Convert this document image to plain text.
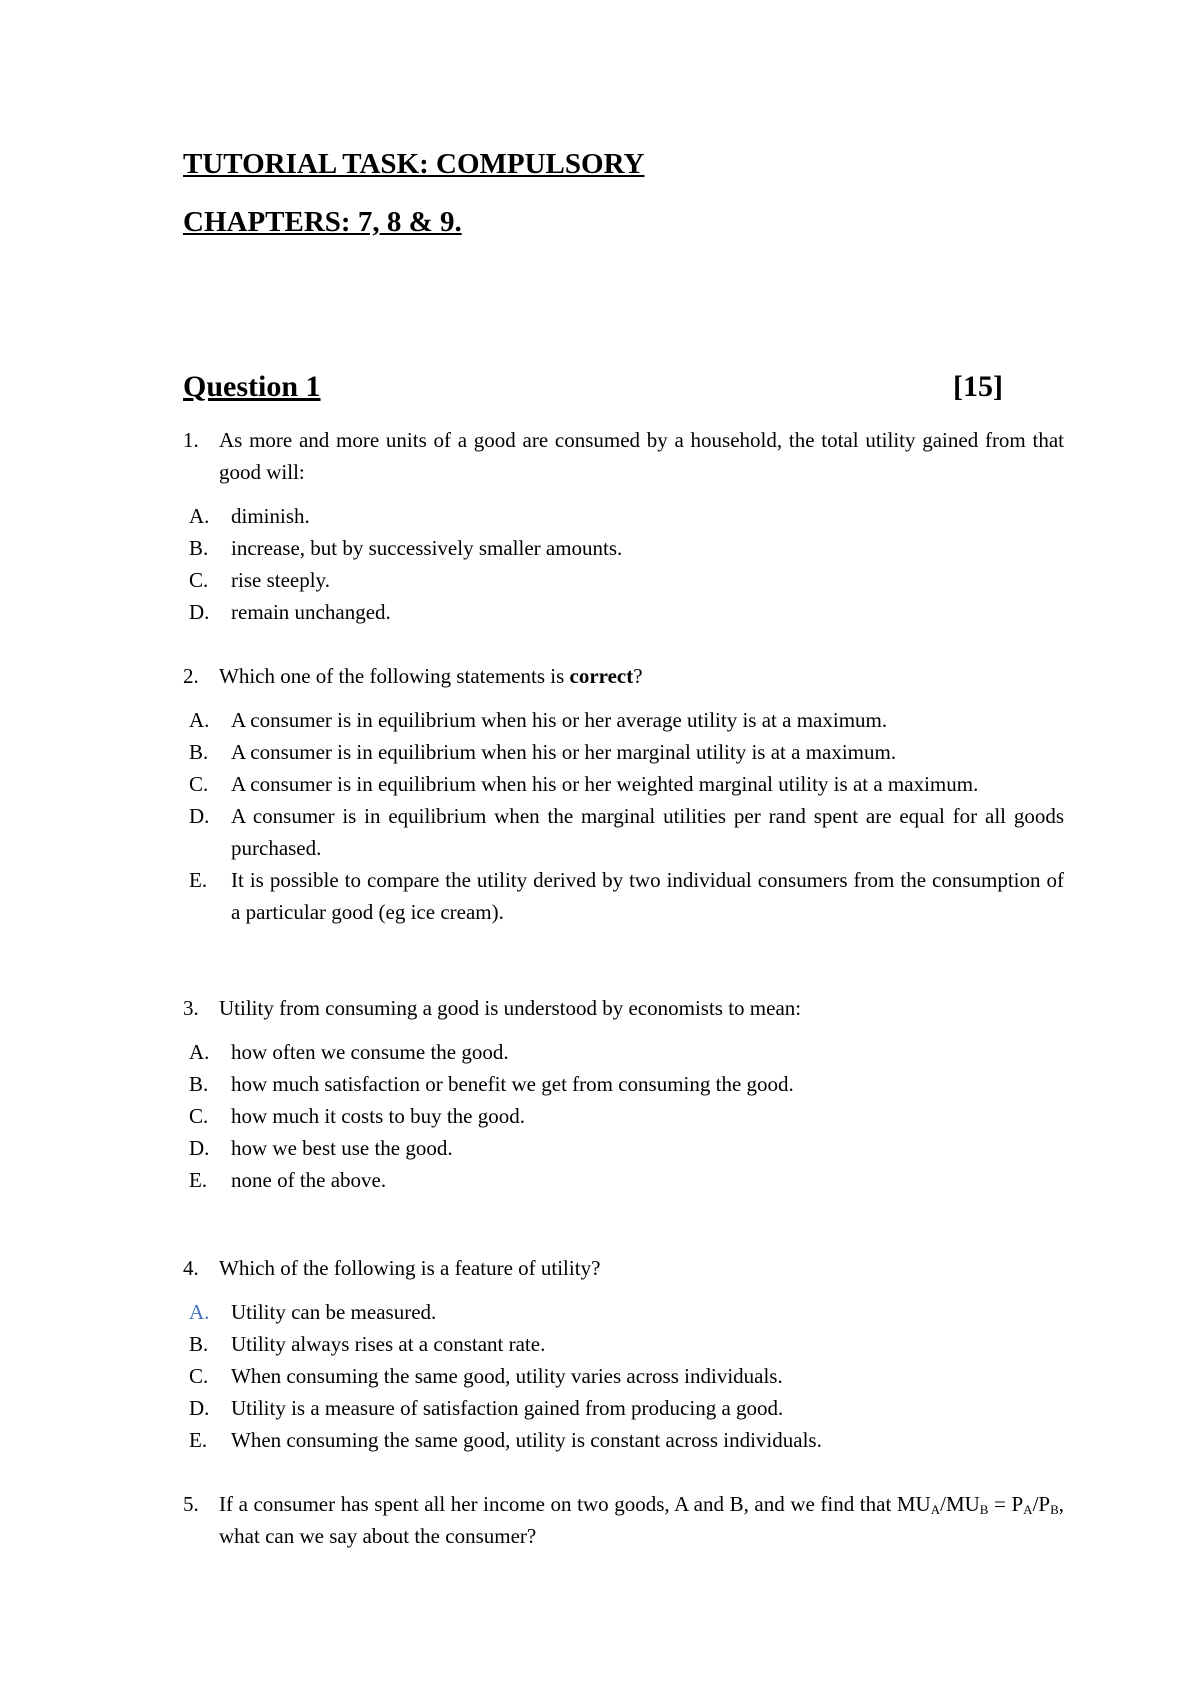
TUTORIAL TASK: COMPULSORY
CHAPTERS: 7, 8 & 9.
Question 1	[15]
1. As more and more units of a good are consumed by a household, the total utility gained from that good will:
A. diminish.
B. increase, but by successively smaller amounts.
C. rise steeply.
D. remain unchanged.
2. Which one of the following statements is correct?
A. A consumer is in equilibrium when his or her average utility is at a maximum.
B. A consumer is in equilibrium when his or her marginal utility is at a maximum.
C. A consumer is in equilibrium when his or her weighted marginal utility is at a maximum.
D. A consumer is in equilibrium when the marginal utilities per rand spent are equal for all goods purchased.
E. It is possible to compare the utility derived by two individual consumers from the consumption of a particular good (eg ice cream).
3. Utility from consuming a good is understood by economists to mean:
A. how often we consume the good.
B. how much satisfaction or benefit we get from consuming the good.
C. how much it costs to buy the good.
D. how we best use the good.
E. none of the above.
4. Which of the following is a feature of utility?
A. Utility can be measured.
B. Utility always rises at a constant rate.
C. When consuming the same good, utility varies across individuals.
D. Utility is a measure of satisfaction gained from producing a good.
E. When consuming the same good, utility is constant across individuals.
5. If a consumer has spent all her income on two goods, A and B, and we find that $MU_A/MU_B = P_A/P_B$, what can we say about the consumer?
